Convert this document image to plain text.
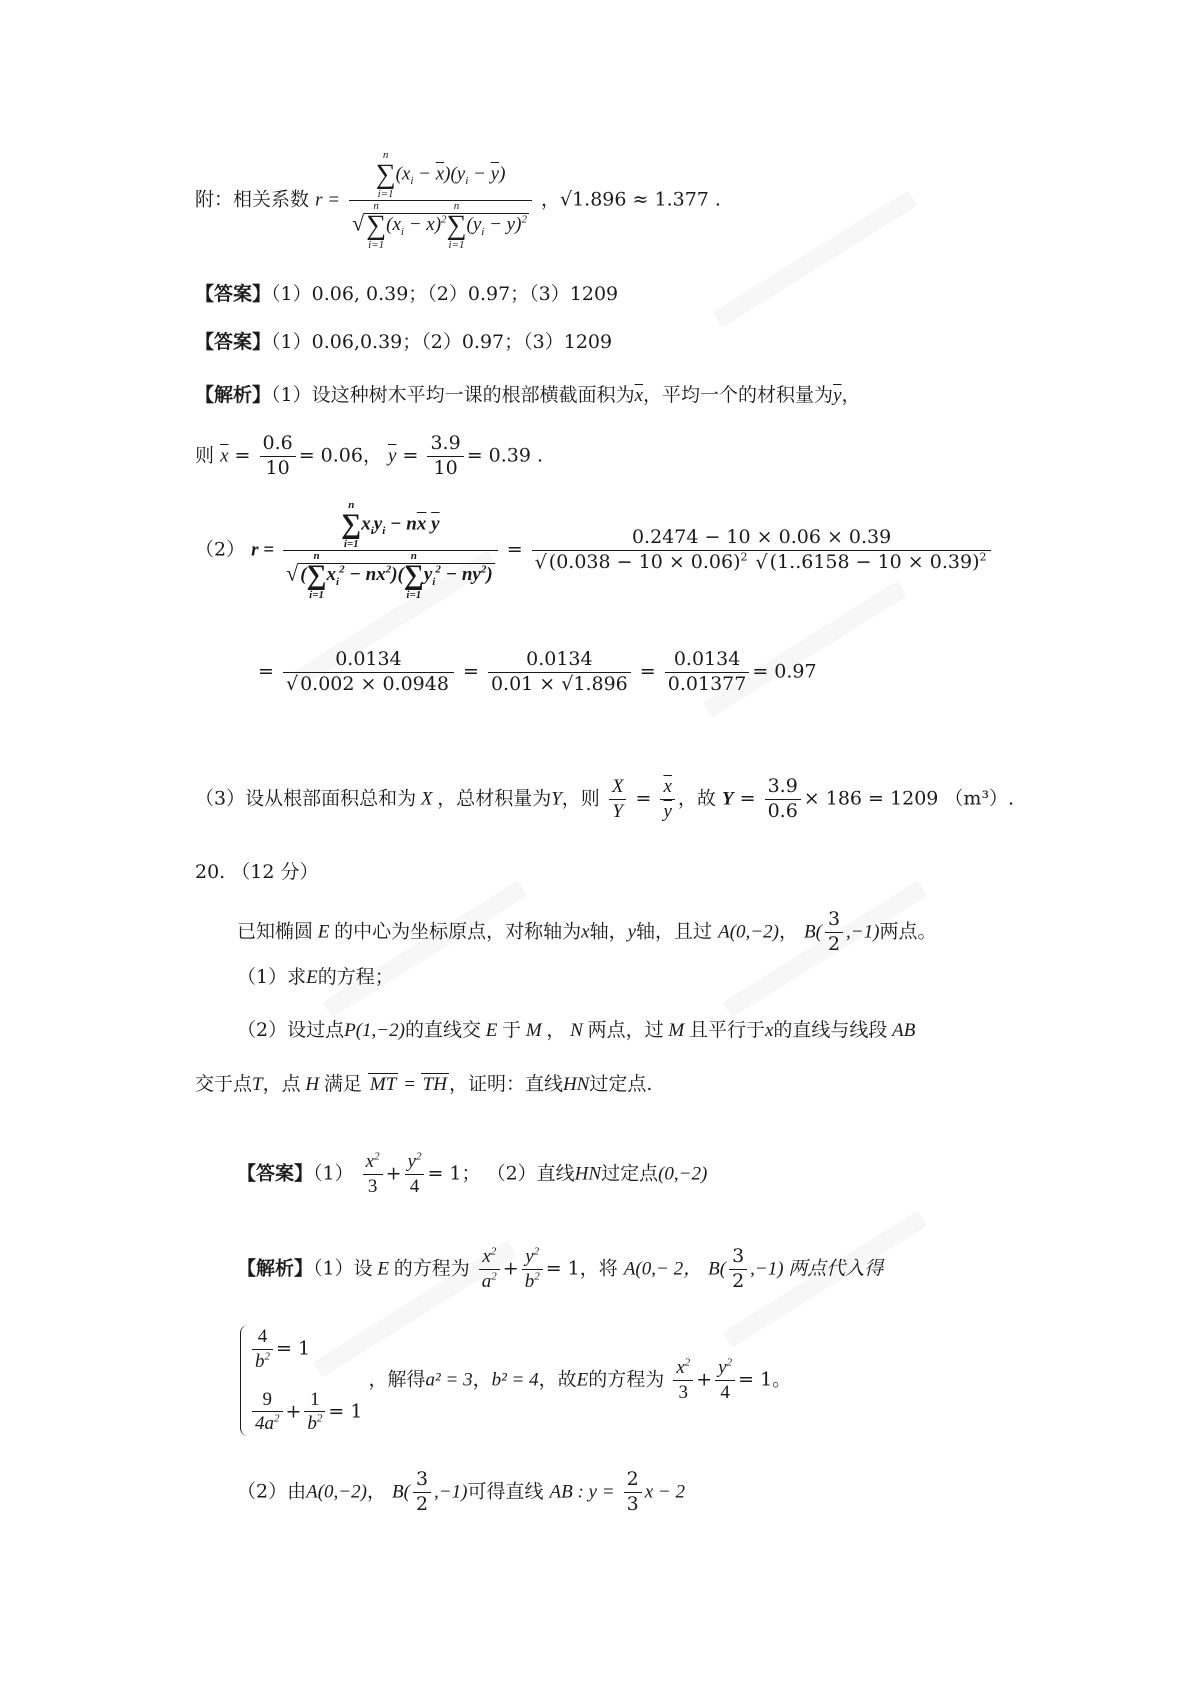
附：相关系数 r = n
∑
i=1
$(x_i - \overline{x})(y_i - \overline{y})$
√
n
∑
i=1
$(x_i - \overline{x})^2$
n
∑
i=1
$(y_i - \overline{y})^2$ ，√1.896 ≈ 1.377 .
【答案】（1）0.06, 0.39；（2）0.97；（3）1209
【答案】（1）0.06,0.39；（2）0.97；（3）1209
【解析】（1）设这种树木平均一课的根部横截面积为$\overline{x}$，平均一个的材积量为$\overline{y}$，
则 $\overline{x} = \frac{0.6}{10} = 0.06$， $\overline{y} = \frac{3.9}{10} = 0.39$ .
（2） r = n
∑
i=1
$x_iy_i - n\overline{x}$ $\overline{y}$
√ (
n
∑
i=1
$x_i^2 - n\overline{x}^2$)(
n
∑
i=1
$y_i^2 - n\overline{y}^2) = \frac{0.2474 - 10 \times 0.06 \times 0.39}{√ (0.038 - 10 \times 0.06)^2 √ (1..6158 - 10 \times 0.39)^2}$
= $\frac{0.0134}{√ 0.002 \times 0.0948} = \frac{0.0134}{0.01 \times √1.896} = \frac{0.0134}{0.01377} = 0.97$
（3）设从根部面积总和为 X ，总材积量为Y，则 $\frac{X}{Y} = \frac{\overline{x}}{y}$ ，故 $Y = \frac{3.9}{0.6} \times 186 = 1209$ （m³）.
20. （12 分）
已知椭圆 E 的中心为坐标原点，对称轴为x轴，y轴，且过 A(0,−2)， $B( \frac{3}{2} ,-1)$两点。
（1）求E的方程；
（2）设过点P(1,−2)的直线交 E 于 M ， N 两点，过 M 且平行于x的直线与线段 AB
交于点T，点 H 满足 MT = TH ，证明：直线HN过定点.
【答案】$(1) \frac{x^2}{3} + \frac{y^2}{4} = 1$； （2）直线HN过定点(0,−2)
【解析】（1）设 E 的方程为 $\frac{x^2}{a^2} + \frac{y^2}{b^2} = 1$，将 A(0,− 2， $B( \frac{3}{2} ,-1)$ 两点代入得
$\frac{4}{b^2} = 1$
$\frac{9}{4a^2} + \frac{1}{b^2} = 1$
，解得a² = 3，b² = 4，故E的方程为 $\frac{x^2}{3} + \frac{y^2}{4} = 1$。
（2）由A(0,−2)， $B( \frac{3}{2} ,-1)$可得直线 AB : $y = \frac{2}{3}$ x − 2
